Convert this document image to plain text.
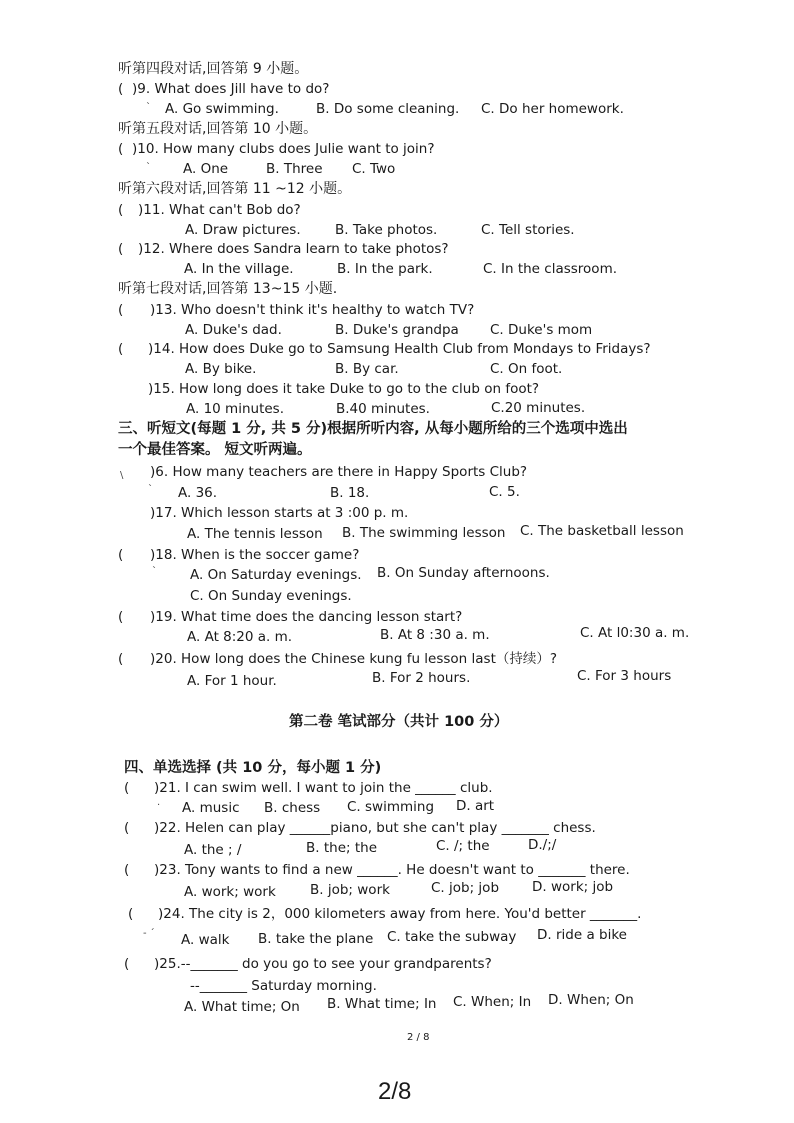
听第四段对话,回答第 9 小题。
( )9. What does Jill have to do?
A. Go swimming.	B. Do some cleaning. C. Do her homework.
听第五段对话,回答第 10 小题。
( )10. How many clubs does Julie want to join?
A. One	B. Three C. Two
听第六段对话,回答第 11 ~12 小题。
( )11. What can't Bob do?
A. Draw pictures.	B. Take photos.	C. Tell stories.
( )12. Where does Sandra learn to take photos?
A. In the village.	B. In the park.	C. In the classroom.
听第七段对话,回答第 13~15 小题.
( )13. Who doesn't think it's healthy to watch TV?
A. Duke's dad.	B. Duke's grandpa C. Duke's mom
( )14. How does Duke go to Samsung Health Club from Mondays to Fridays?
A. By bike.	B. By car.	C. On foot.
)15. How long does it take Duke to go to the club on foot?
A. 10 minutes.	B.40 minutes.	C.20 minutes.
三、听短文(每题 1 分, 共 5 分)根据所听内容, 从每小题所给的三个选项中选出
一个最佳答案。 短文听两遍。
)6. How many teachers are there in Happy Sports Club?
A. 36.	B. 18.	C. 5.
)17. Which lesson starts at 3 :00 p. m.
A. The tennis lesson B. The swimming lesson C. The basketball lesson
( )18. When is the soccer game?
A. On Saturday evenings. B. On Sunday afternoons.
C. On Sunday evenings.
( )19. What time does the dancing lesson start?
A. At 8:20 a. m.	B. At 8 :30 a. m.	C. At l0:30 a. m.
( )20. How long does the Chinese kung fu lesson last（持续）?
A. For 1 hour.	B. For 2 hours.	C. For 3 hours
第二卷 笔试部分（共计 100 分）
四、单选选择 (共 10 分，每小题 1 分)
( )21. I can swim well. I want to join the ______ club.
A. music B. chess C. swimming D. art
( )22. Helen can play ______piano, but she can't play _______ chess.
A. the ; /	B. the; the	C. /; the	D./;/
( )23. Tony wants to find a new ______. He doesn't want to _______ there.
A. work; work	B. job; work	C. job; job D. work; job
( )24. The city is 2，000 kilometers away from here. You'd better _______.
A. walk B. take the plane C. take the subway D. ride a bike
( )25.--_______ do you go to see your grandparents?
--_______ Saturday morning.
A. What time; On B. What time; In C. When; In D. When; On
`
`
\
`
`
·
- ˊ
2 / 8
2/8
